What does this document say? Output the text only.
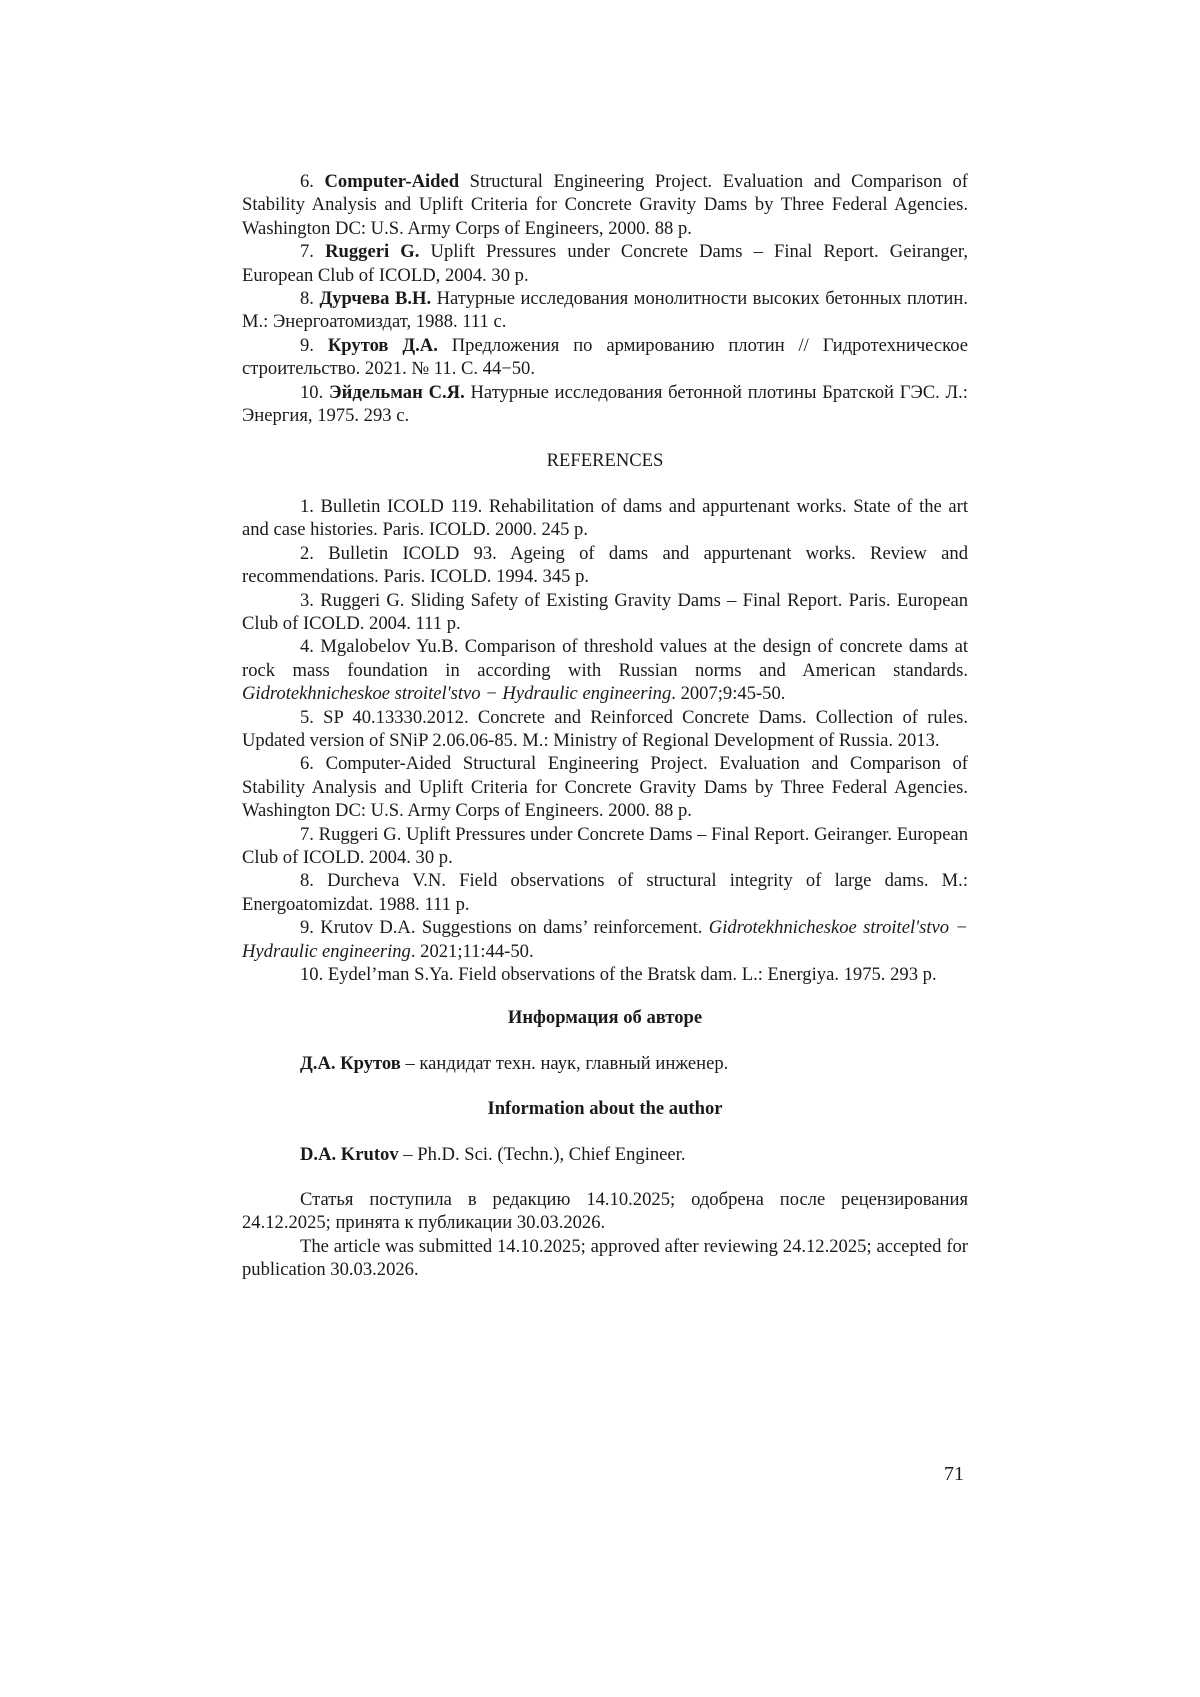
6. Computer-Aided Structural Engineering Project. Evaluation and Comparison of Stability Analysis and Uplift Criteria for Concrete Gravity Dams by Three Federal Agencies. Washington DC: U.S. Army Corps of Engineers, 2000. 88 p.

7. Ruggeri G. Uplift Pressures under Concrete Dams – Final Report. Geiranger, European Club of ICOLD, 2004. 30 p.

8. Дурчева В.Н. Натурные исследования монолитности высоких бетонных плотин. М.: Энергоатомиздат, 1988. 111 с.

9. Крутов Д.А. Предложения по армированию плотин // Гидротехническое строительство. 2021. № 11. С. 44−50.

10. Эйдельман С.Я. Натурные исследования бетонной плотины Братской ГЭС. Л.: Энергия, 1975. 293 с.

REFERENCES

1. Bulletin ICOLD 119. Rehabilitation of dams and appurtenant works. State of the art and case histories. Paris. ICOLD. 2000. 245 p.

2. Bulletin ICOLD 93. Ageing of dams and appurtenant works. Review and recommendations. Paris. ICOLD. 1994. 345 p.

3. Ruggeri G. Sliding Safety of Existing Gravity Dams – Final Report. Paris. European Club of ICOLD. 2004. 111 p.

4. Mgalobelov Yu.B. Comparison of threshold values at the design of concrete dams at rock mass foundation in according with Russian norms and American standards. Gidrotekhnicheskoe stroitel'stvo − Hydraulic engineering. 2007;9:45-50.

5. SP 40.13330.2012. Concrete and Reinforced Concrete Dams. Collection of rules. Updated version of SNiP 2.06.06-85. M.: Ministry of Regional Development of Russia. 2013.

6. Computer-Aided Structural Engineering Project. Evaluation and Comparison of Stability Analysis and Uplift Criteria for Concrete Gravity Dams by Three Federal Agencies. Washington DC: U.S. Army Corps of Engineers. 2000. 88 p.

7. Ruggeri G. Uplift Pressures under Concrete Dams – Final Report. Geiranger. European Club of ICOLD. 2004. 30 p.

8. Durcheva V.N. Field observations of structural integrity of large dams. M.: Energoatomizdat. 1988. 111 p.

9. Krutov D.A. Suggestions on dams’ reinforcement. Gidrotekhnicheskoe stroitel'stvo − Hydraulic engineering. 2021;11:44-50.

10. Eydel’man S.Ya. Field observations of the Bratsk dam. L.: Energiya. 1975. 293 p.

Информация об авторе

Д.А. Крутов – кандидат техн. наук, главный инженер.

Information about the author

D.A. Krutov – Ph.D. Sci. (Techn.), Chief Engineer.

Статья поступила в редакцию 14.10.2025; одобрена после рецензирования 24.12.2025; принята к публикации 30.03.2026.

The article was submitted 14.10.2025; approved after reviewing 24.12.2025; accepted for publication 30.03.2026.

71
